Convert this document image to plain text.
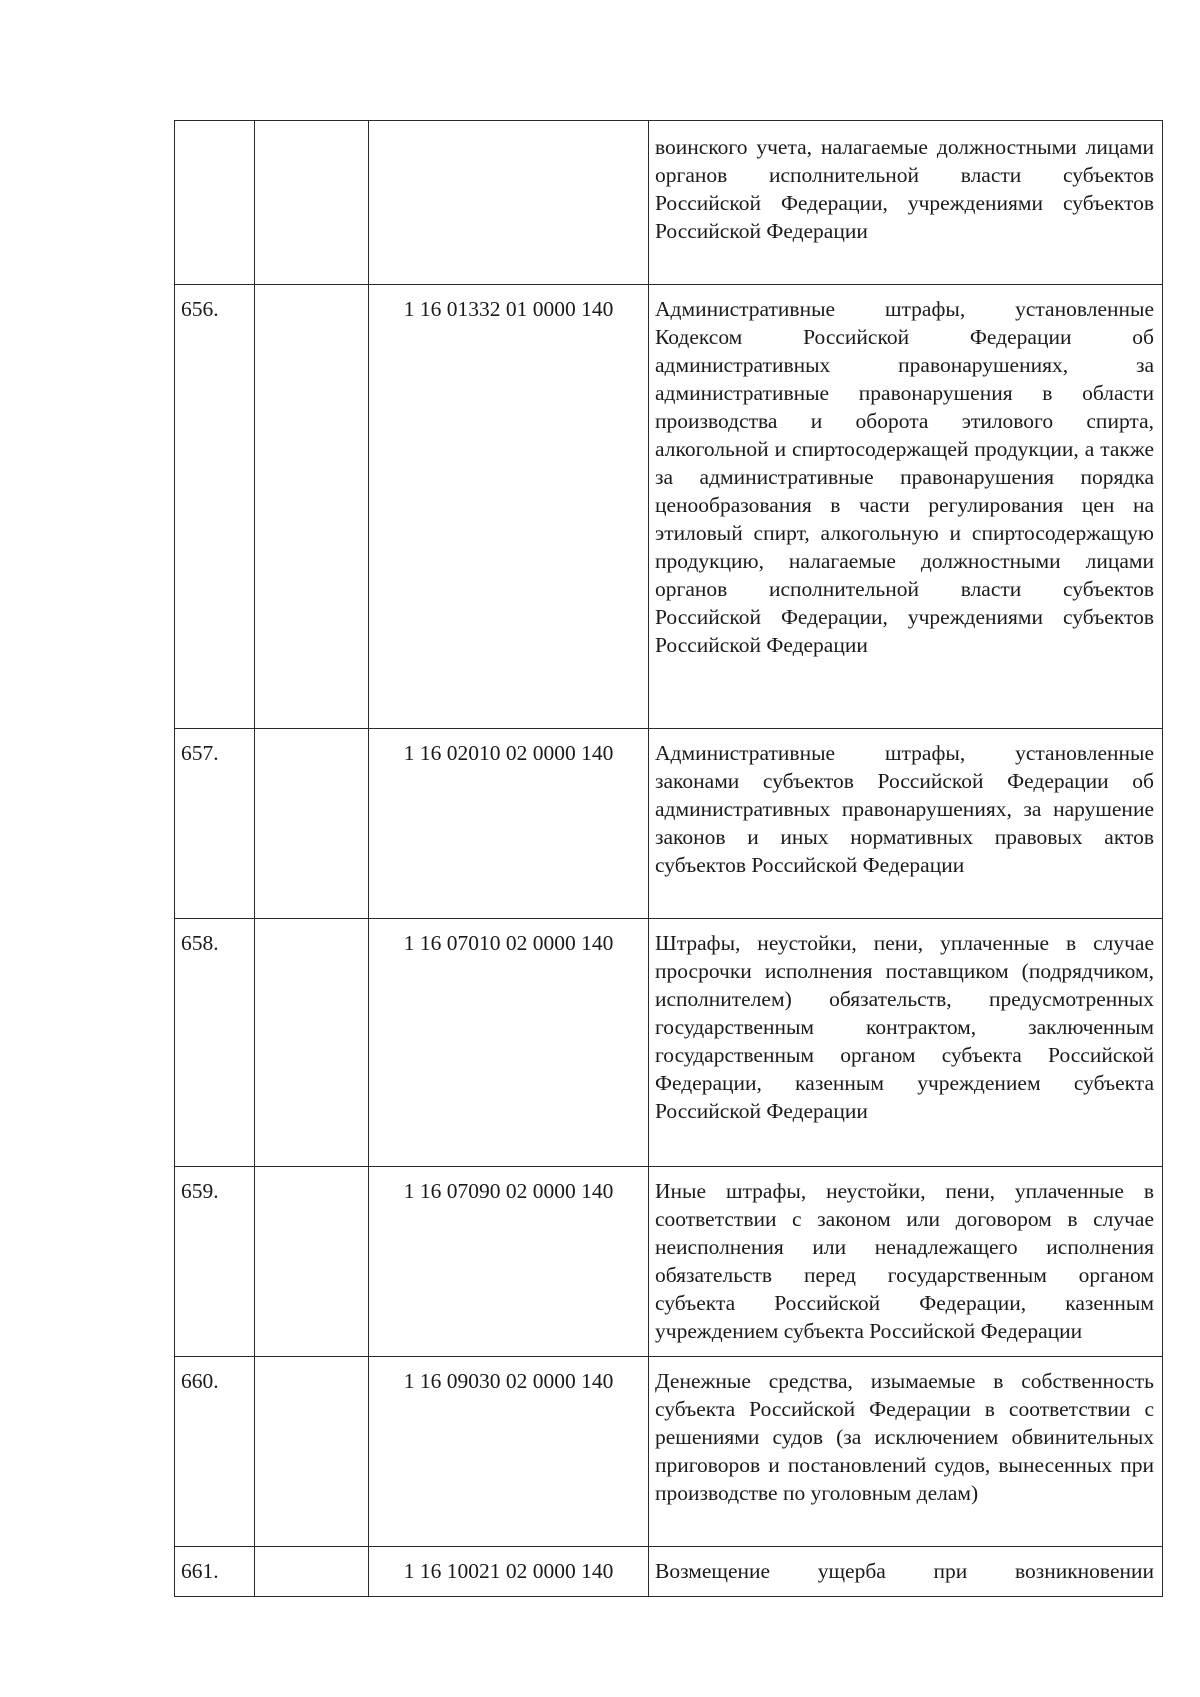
			воинского учета, налагаемые должностными лицами органов исполнительной власти субъектов Российской Федерации, учреждениями субъектов Российской Федерации
656.		1 16 01332 01 0000 140	Административные штрафы, установленные Кодексом Российской Федерации об административных правонарушениях, за административные правонарушения в области производства и оборота этилового спирта, алкогольной и спиртосодержащей продукции, а также за административные правонарушения порядка ценообразования в части регулирования цен на этиловый спирт, алкогольную и спиртосодержащую продукцию, налагаемые должностными лицами органов исполнительной власти субъектов Российской Федерации, учреждениями субъектов Российской Федерации
657.		1 16 02010 02 0000 140	Административные штрафы, установленные законами субъектов Российской Федерации об административных правонарушениях, за нарушение законов и иных нормативных правовых актов субъектов Российской Федерации
658.		1 16 07010 02 0000 140	Штрафы, неустойки, пени, уплаченные в случае просрочки исполнения поставщиком (подрядчиком, исполнителем) обязательств, предусмотренных государственным контрактом, заключенным государственным органом субъекта Российской Федерации, казенным учреждением субъекта Российской Федерации
659.		1 16 07090 02 0000 140	Иные штрафы, неустойки, пени, уплаченные в соответствии с законом или договором в случае неисполнения или ненадлежащего исполнения обязательств перед государственным органом субъекта Российской Федерации, казенным учреждением субъекта Российской Федерации
660.		1 16 09030 02 0000 140	Денежные средства, изымаемые в собственность субъекта Российской Федерации в соответствии с решениями судов (за исключением обвинительных приговоров и постановлений судов, вынесенных при производстве по уголовным делам)
661.		1 16 10021 02 0000 140	Возмещение ущерба при возникновении
